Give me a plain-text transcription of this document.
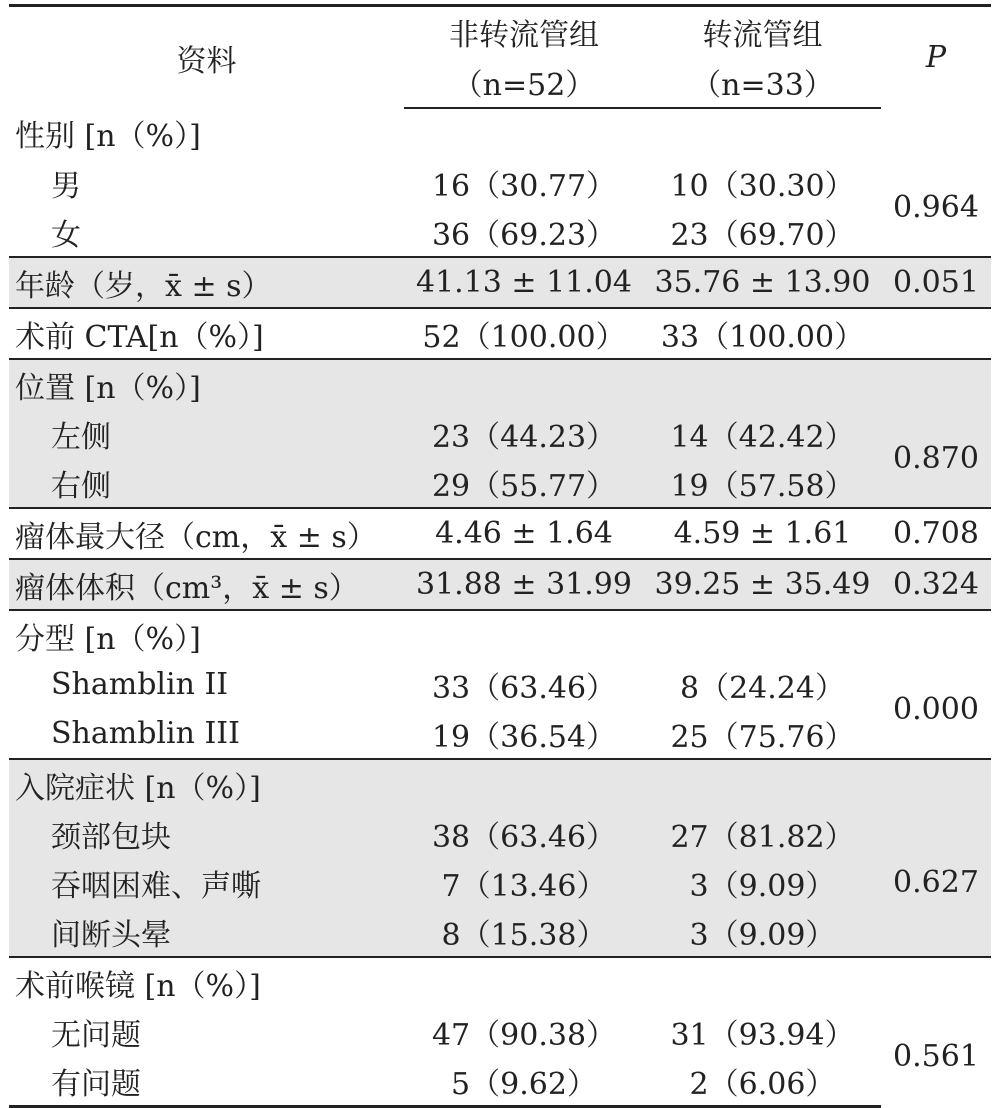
资料	非转流管组	转流管组	P
	（n=52）	（n=33）	
性别 [n（%）]			
男	16（30.77）	10（30.30）	0.964
女	36（69.23）	23（69.70）	
年龄（岁，x̄ ± s）	41.13 ± 11.04	35.76 ± 13.90	0.051
术前 CTA[n（%）]	52（100.00）	33（100.00）	
位置 [n（%）]			
左侧	23（44.23）	14（42.42）	0.870
右侧	29（55.77）	19（57.58）	
瘤体最大径（cm，x̄ ± s）	4.46 ± 1.64	4.59 ± 1.61	0.708
瘤体体积（cm³，x̄ ± s）	31.88 ± 31.99	39.25 ± 35.49	0.324
分型 [n（%）]			
Shamblin II	33（63.46）	8（24.24）	0.000
Shamblin III	19（36.54）	25（75.76）	
入院症状 [n（%）]			
颈部包块	38（63.46）	27（81.82）	0.627
吞咽困难、声嘶	7（13.46）	3（9.09）	
间断头晕	8（15.38）	3（9.09）	
术前喉镜 [n（%）]			
无问题	47（90.38）	31（93.94）	0.561
有问题	5（9.62）	2（6.06）	
